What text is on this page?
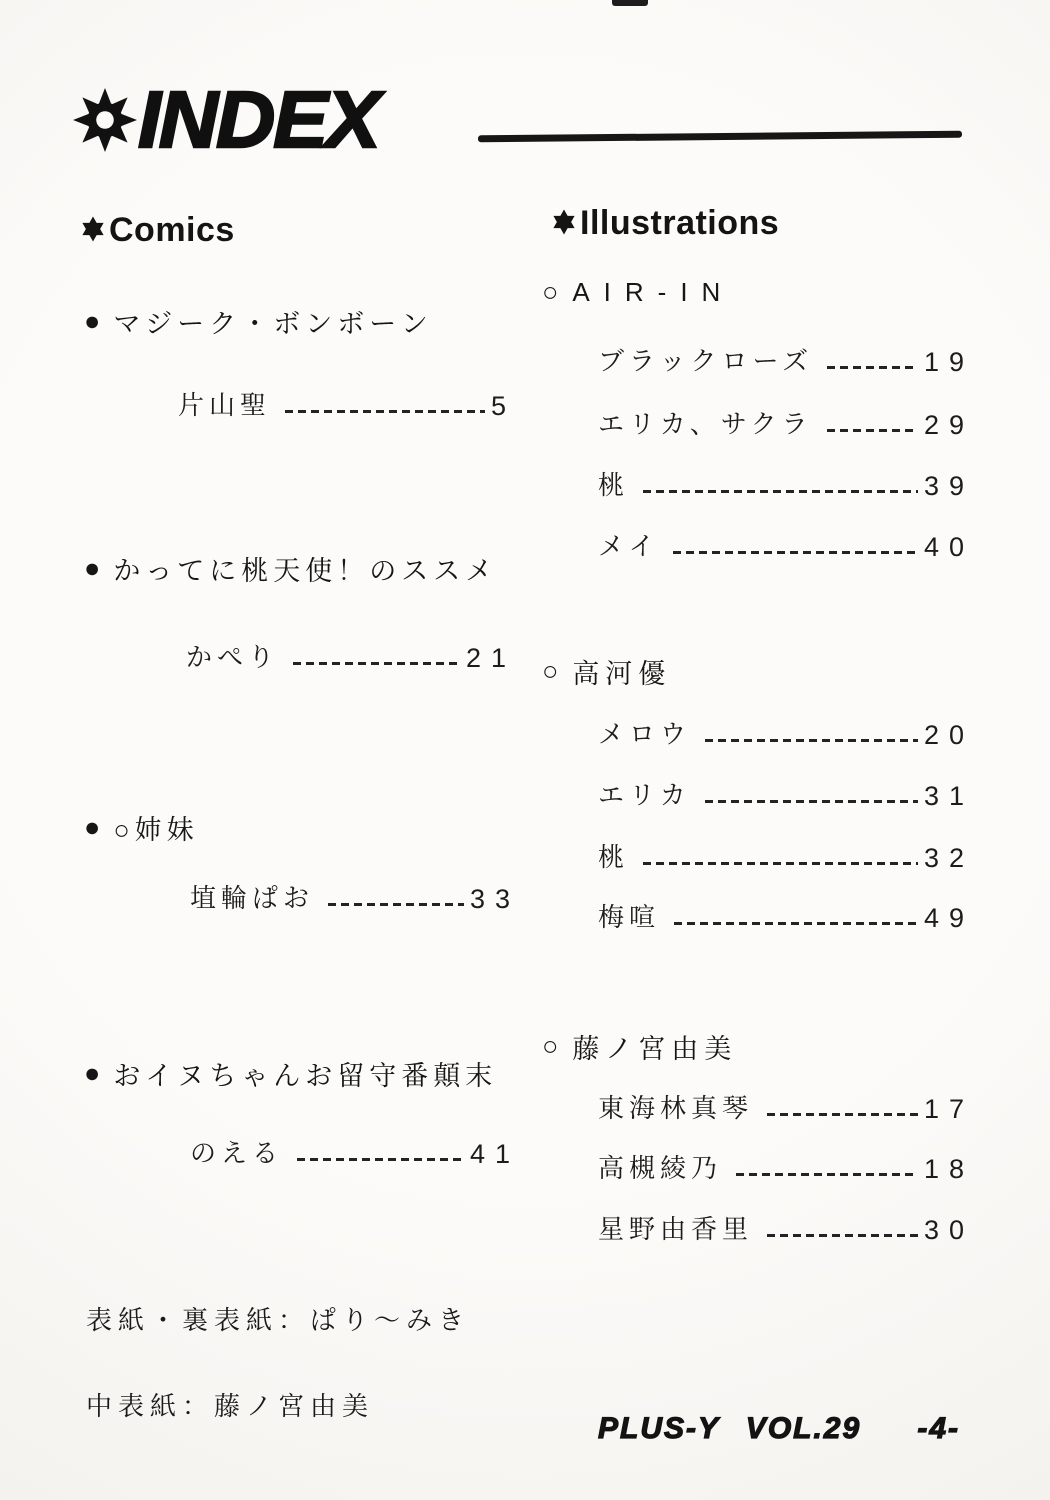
INDEX
Comics	Illustrations
● マジーク・ボンボーン
片山聖	5
● かってに桃天使！のススメ
かぺり	21
● ○姉妹
埴輪ぱお	33
● おイヌちゃんお留守番顛末
のえる	41
○ AIR-IN
ブラックローズ	19
エリカ、サクラ	29
桃	39
メイ	40
○ 高河優
メロウ	20
エリカ	31
桃	32
梅喧	49
○ 藤ノ宮由美
東海林真琴	17
高槻綾乃	18
星野由香里	30
表紙・裏表紙：ぱり〜みき
中表紙：藤ノ宮由美
PLUS-Y VOL.29 -4-
